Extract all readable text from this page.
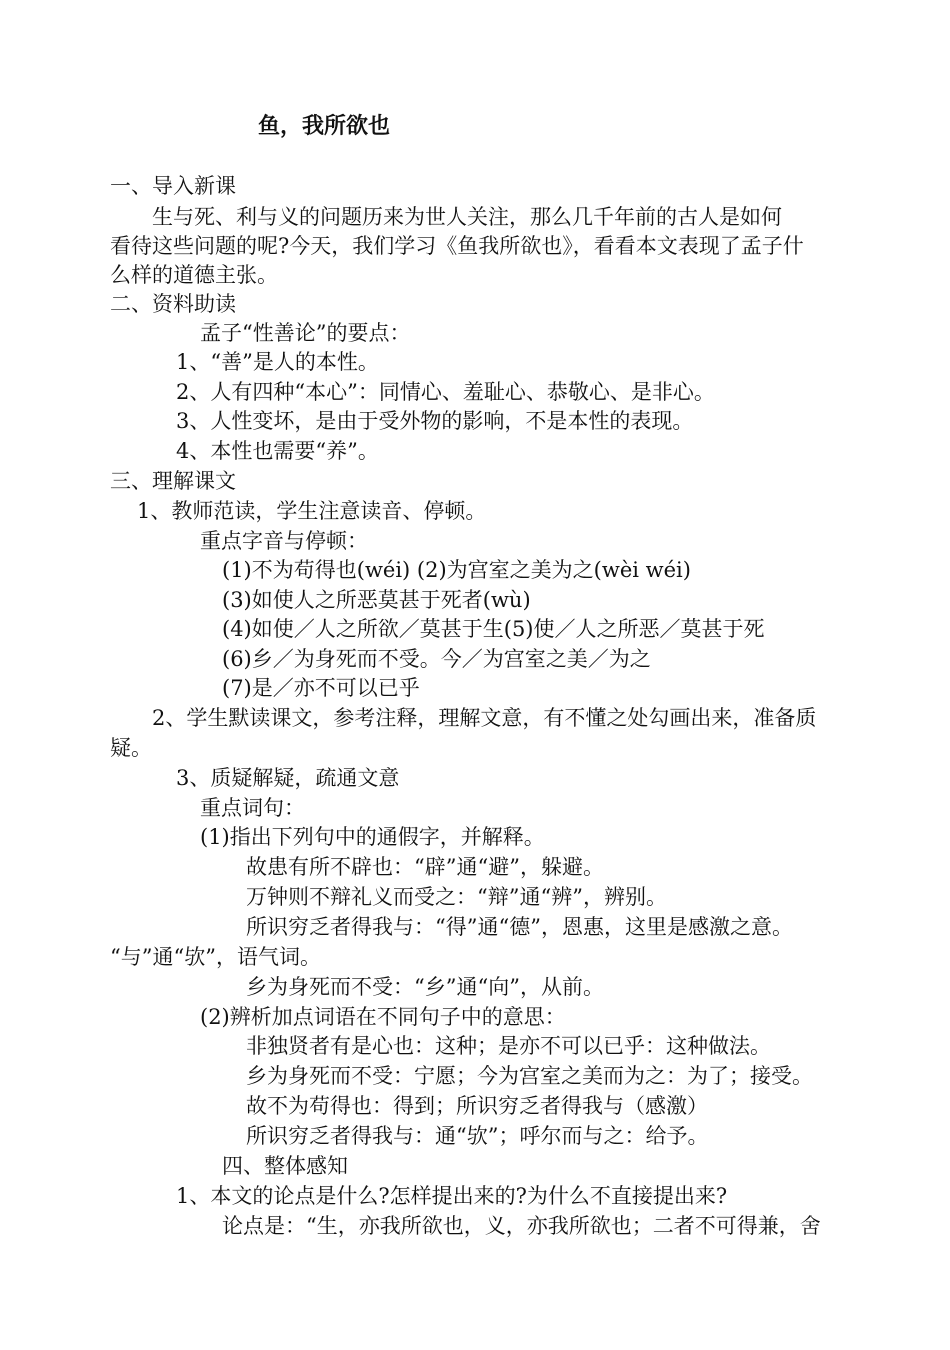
鱼，我所欲也
一、导入新课
生与死、利与义的问题历来为世人关注，那么几千年前的古人是如何
看待这些问题的呢?今天，我们学习《鱼我所欲也》，看看本文表现了孟子什
么样的道德主张。
二、资料助读
孟子“性善论”的要点：
1、“善”是人的本性。
2、人有四种“本心”：同情心、羞耻心、恭敬心、是非心。
3、人性变坏，是由于受外物的影响，不是本性的表现。
4、本性也需要“养”。
三、理解课文
1、教师范读，学生注意读音、停顿。
重点字音与停顿：
(1)不为苟得也(wéi) (2)为宫室之美为之(wèi wéi)
(3)如使人之所恶莫甚于死者(wù)
(4)如使／人之所欲／莫甚于生(5)使／人之所恶／莫甚于死
(6)乡／为身死而不受。今／为宫室之美／为之
(7)是／亦不可以已乎
2、学生默读课文，参考注释，理解文意，有不懂之处勾画出来，准备质
疑。
3、质疑解疑，疏通文意
重点词句：
(1)指出下列句中的通假字，并解释。
故患有所不辟也：“辟”通“避”，躲避。
万钟则不辩礼义而受之：“辩”通“辨”，辨别。
所识穷乏者得我与：“得”通“德”，恩惠，这里是感激之意。
“与”通“欤”，语气词。
乡为身死而不受：“乡”通“向”，从前。
(2)辨析加点词语在不同句子中的意思：
非独贤者有是心也：这种；是亦不可以已乎：这种做法。
乡为身死而不受：宁愿；今为宫室之美而为之：为了；接受。
故不为苟得也：得到；所识穷乏者得我与（感激）
所识穷乏者得我与：通“欤”；呼尔而与之：给予。
四、整体感知
1、本文的论点是什么?怎样提出来的?为什么不直接提出来?
论点是：“生，亦我所欲也，义，亦我所欲也；二者不可得兼，舍
